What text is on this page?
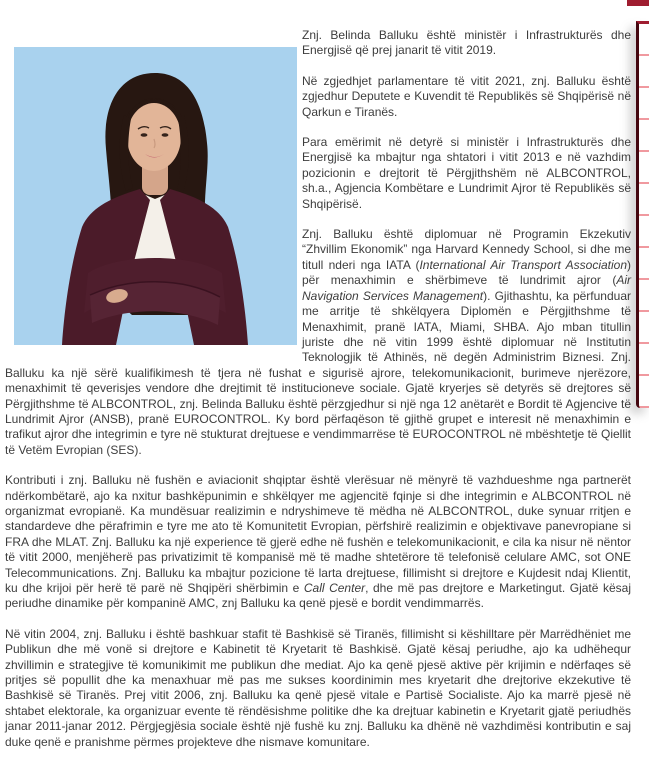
Znj. Belinda Balluku është ministër i Infrastrukturës dhe Energjisë që prej janarit të vitit 2019.

Në zgjedhjet parlamentare të vitit 2021, znj. Balluku është zgjedhur Deputete e Kuvendit të Republikës së Shqipërisë në Qarkun e Tiranës.

Para emërimit në detyrë si ministër i Infrastrukturës dhe Energjisë ka mbajtur nga shtatori i vitit 2013 e në vazhdim pozicionin e drejtorit të Përgjithshëm në ALBCONTROL, sh.a., Agjencia Kombëtare e Lundrimit Ajror të Republikës së Shqipërisë.

Znj. Balluku është diplomuar në Programin Ekzekutiv “Zhvillim Ekonomik” nga Harvard Kennedy School, si dhe me titull nderi nga IATA (International Air Transport Association) për menaxhimin e shërbimeve të lundrimit ajror (Air Navigation Services Management). Gjithashtu, ka përfunduar me arritje të shkëlqyera Diplomën e Përgjithshme të Menaxhimit, pranë IATA, Miami, SHBA. Ajo mban titullin juriste dhe në vitin 1999 është diplomuar në Institutin Teknologjik të Athinës, në degën Administrim Biznesi. Znj. Balluku ka një sërë kualifikimesh të tjera në fushat e sigurisë ajrore, telekomunikacionit, burimeve njerëzore, menaxhimit të qeverisjes vendore dhe drejtimit të institucioneve sociale. Gjatë kryerjes së detyrës së drejtores së Përgjithshme të ALBCONTROL, znj. Belinda Balluku është përzgjedhur si një nga 12 anëtarët e Bordit të Agjencive të Lundrimit Ajror (ANSB), pranë EUROCONTROL. Ky bord përfaqëson të gjithë grupet e interesit në menaxhimin e trafikut ajror dhe integrimin e tyre në stukturat drejtuese e vendimmarrëse të EUROCONTROL në mbështetje të Qiellit të Vetëm Evropian (SES).

Kontributi i znj. Balluku në fushën e aviacionit shqiptar është vlerësuar në mënyrë të vazhdueshme nga partnerët ndërkombëtarë, ajo ka nxitur bashkëpunimin e shkëlqyer me agjencitë fqinje si dhe integrimin e ALBCONTROL në organizmat evropianë. Ka mundësuar realizimin e ndryshimeve të mëdha në ALBCONTROL, duke synuar rritjen e standardeve dhe përafrimin e tyre me ato të Komunitetit Evropian, përfshirë realizimin e objektivave panevropiane si FRA dhe MLAT. Znj. Balluku ka një experience të gjerë edhe në fushën e telekomunikacionit, e cila ka nisur në nëntor të vitit 2000, menjëherë pas privatizimit të kompanisë më të madhe shtetërore të telefonisë celulare AMC, sot ONE Telecommunications. Znj. Balluku ka mbajtur pozicione të larta drejtuese, fillimisht si drejtore e Kujdesit ndaj Klientit, ku dhe krijoi për herë të parë në Shqipëri shërbimin e Call Center, dhe më pas drejtore e Marketingut. Gjatë kësaj periudhe dinamike për kompaninë AMC, znj Balluku ka qenë pjesë e bordit vendimmarrës.

Në vitin 2004, znj. Balluku i është bashkuar stafit të Bashkisë së Tiranës, fillimisht si këshilltare për Marrëdhëniet me Publikun dhe më vonë si drejtore e Kabinetit të Kryetarit të Bashkisë. Gjatë kësaj periudhe, ajo ka udhëhequr zhvillimin e strategjive të komunikimit me publikun dhe mediat. Ajo ka qenë pjesë aktive për krijimin e ndërfaqes së pritjes së popullit dhe ka menaxhuar më pas me sukses koordinimin mes kryetarit dhe drejtorive ekzekutive të Bashkisë së Tiranës. Prej vitit 2006, znj. Balluku ka qenë pjesë vitale e Partisë Socialiste. Ajo ka marrë pjesë në shtabet elektorale, ka organizuar evente të rëndësishme politike dhe ka drejtuar kabinetin e Kryetarit gjatë periudhës janar 2011-janar 2012. Përgjegjësia sociale është një fushë ku znj. Balluku ka dhënë në vazhdimësi kontributin e saj duke qenë e pranishme përmes projekteve dhe nismave komunitare.
